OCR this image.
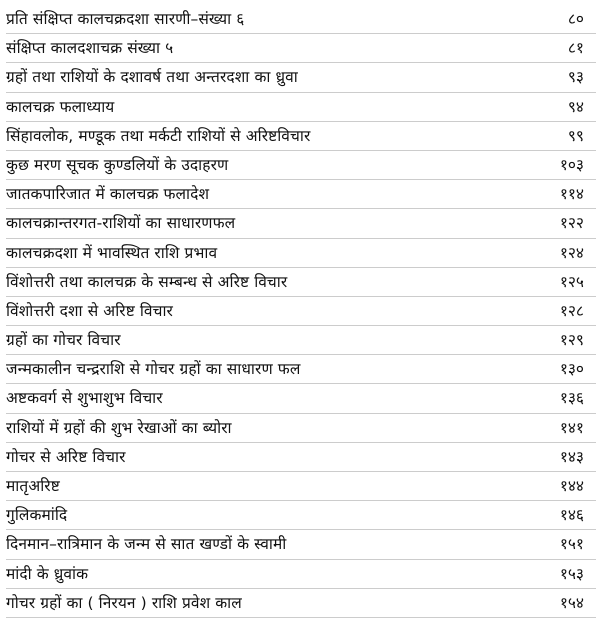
प्रति संक्षिप्त कालचक्रदशा सारणी–संख्या ६	८०
संक्षिप्त कालदशाचक्र संख्या ५	८१
ग्रहों तथा राशियों के दशावर्ष तथा अन्तरदशा का ध्रुवा	९३
कालचक्र फलाध्याय	९४
सिंहावलोक, मण्डूक तथा मर्कटी राशियों से अरिष्टविचार	९९
कुछ मरण सूचक कुण्डलियों के उदाहरण	१०३
जातकपारिजात में कालचक्र फलादेश	११४
कालचक्रान्तरगत-राशियों का साधारणफल	१२२
कालचक्रदशा में भावस्थित राशि प्रभाव	१२४
विंशोत्तरी तथा कालचक्र के सम्बन्ध से अरिष्ट विचार	१२५
विंशोत्तरी दशा से अरिष्ट विचार	१२८
ग्रहों का गोचर विचार	१२९
जन्मकालीन चन्द्रराशि से गोचर ग्रहों का साधारण फल	१३०
अष्टकवर्ग से शुभाशुभ विचार	१३६
राशियों में ग्रहों की शुभ रेखाओं का ब्योरा	१४१
गोचर से अरिष्ट विचार	१४३
मातृअरिष्ट	१४४
गुलिकमांदि	१४६
दिनमान–रात्रिमान के जन्म से सात खण्डों के स्वामी	१५१
मांदी के ध्रुवांक	१५३
गोचर ग्रहों का ( निरयन ) राशि प्रवेश काल	१५४
